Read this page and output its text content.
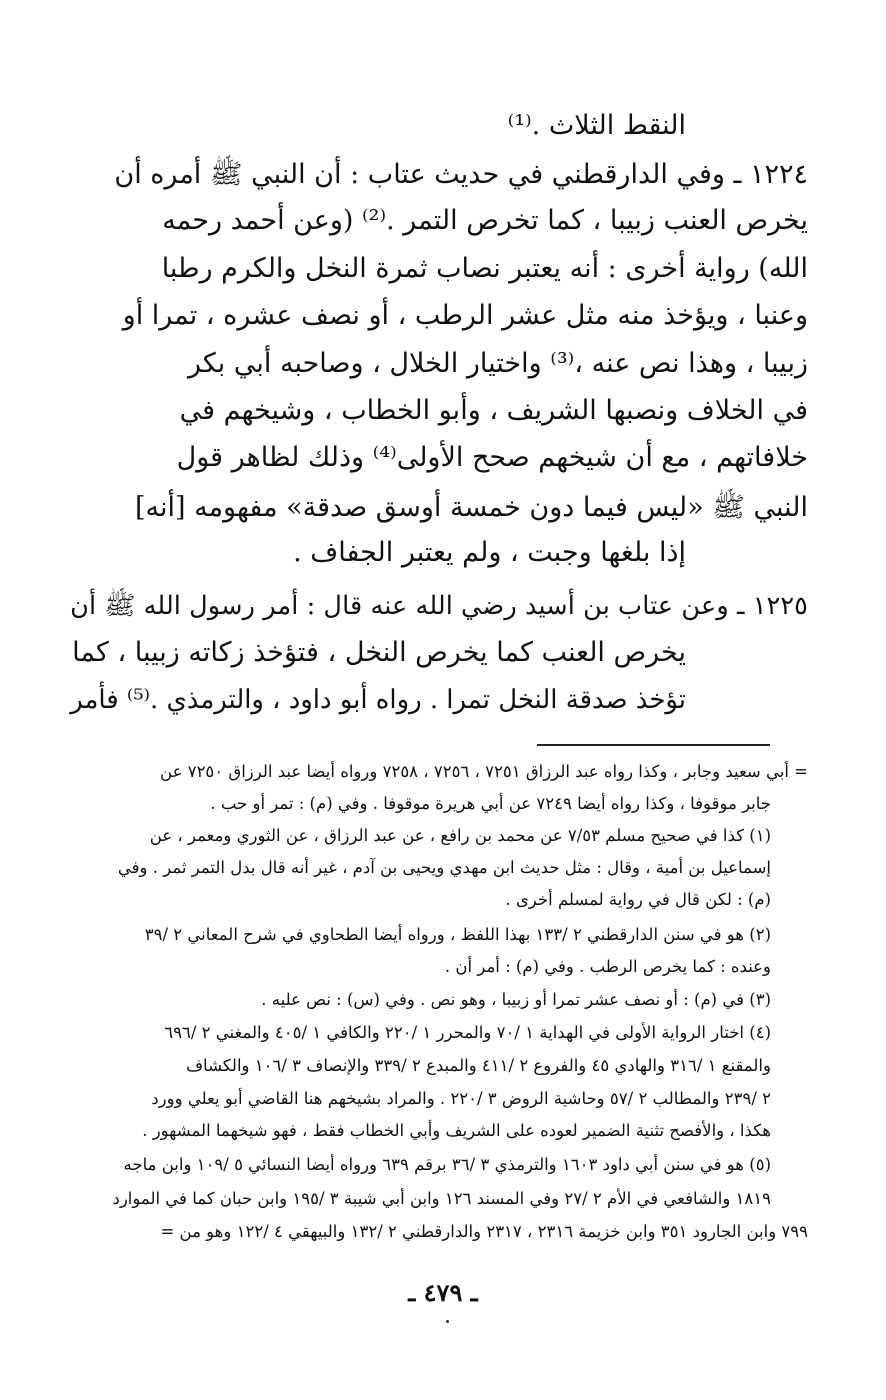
النقط الثلاث .⁽¹⁾
١٢٢٤ ـ وفي الدارقطني في حديث عتاب : أن النبي ﷺ أمره أن
يخرص العنب زبيبا ، كما تخرص التمر .⁽²⁾ (وعن أحمد رحمه
الله) رواية أخرى : أنه يعتبر نصاب ثمرة النخل والكرم رطبا
وعنبا ، ويؤخذ منه مثل عشر الرطب ، أو نصف عشره ، تمرا أو
زبيبا ، وهذا نص عنه ،⁽³⁾ واختيار الخلال ، وصاحبه أبي بكر
في الخلاف ونصبها الشريف ، وأبو الخطاب ، وشيخهم في
خلافاتهم ، مع أن شيخهم صحح الأولى⁽⁴⁾ وذلك لظاهر قول
النبي ﷺ «ليس فيما دون خمسة أوسق صدقة» مفهومه [أنه]
إذا بلغها وجبت ، ولم يعتبر الجفاف .
١٢٢٥ ـ وعن عتاب بن أسيد رضي الله عنه قال : أمر رسول الله ﷺ أن
يخرص العنب كما يخرص النخل ، فتؤخذ زكاته زبيبا ، كما
تؤخذ صدقة النخل تمرا . رواه أبو داود ، والترمذي .⁽⁵⁾ فأمر
= أبي سعيد وجابر ، وكذا رواه عبد الرزاق ٧٢٥١ ، ٧٢٥٦ ، ٧٢٥٨ ورواه أيضا عبد الرزاق ٧٢٥٠ عن
جابر موقوفا ، وكذا رواه أيضا ٧٢٤٩ عن أبي هريرة موقوفا . وفي (م) : تمر أو حب .
(١) كذا في صحيح مسلم ٧/٥٣ عن محمد بن رافع ، عن عبد الرزاق ، عن الثوري ومعمر ، عن
إسماعيل بن أمية ، وقال : مثل حديث ابن مهدي ويحيى بن آدم ، غير أنه قال بدل التمر ثمر . وفي
(م) : لكن قال في رواية لمسلم أخرى .
(٢) هو في سنن الدارقطني ٢ /١٣٣ بهذا اللفظ ، ورواه أيضا الطحاوي في شرح المعاني ٢ /٣٩
وعنده : كما يخرص الرطب . وفي (م) : أمر أن .
(٣) في (م) : أو نصف عشر تمرا أو زبيبا ، وهو نص . وفي (س) : نص عليه .
(٤) اختار الرواية الأولى في الهداية ١ /٧٠ والمحرر ١ /٢٢٠ والكافي ١ /٤٠٥ والمغني ٢ /٦٩٦
والمقنع ١ /٣١٦ والهادي ٤٥ والفروع ٢ /٤١١ والمبدع ٢ /٣٣٩ والإنصاف ٣ /١٠٦ والكشاف
٢ /٢٣٩ والمطالب ٢ /٥٧ وحاشية الروض ٣ /٢٢٠ . والمراد بشيخهم هنا القاضي أبو يعلي وورد
هكذا ، والأفصح تثنية الضمير لعوده على الشريف وأبي الخطاب فقط ، فهو شيخهما المشهور .
(٥) هو في سنن أبي داود ١٦٠٣ والترمذي ٣ /٣٦ برقم ٦٣٩ ورواه أيضا النسائي ٥ /١٠٩ وابن ماجه
١٨١٩ والشافعي في الأم ٢ /٢٧ وفي المسند ١٢٦ وابن أبي شيبة ٣ /١٩٥ وابن حبان كما في الموارد
٧٩٩ وابن الجارود ٣٥١ وابن خزيمة ٢٣١٦ ، ٢٣١٧ والدارقطني ٢ /١٣٢ والبيهقي ٤ /١٢٢ وهو من =
ـ ٤٧٩ ـ
